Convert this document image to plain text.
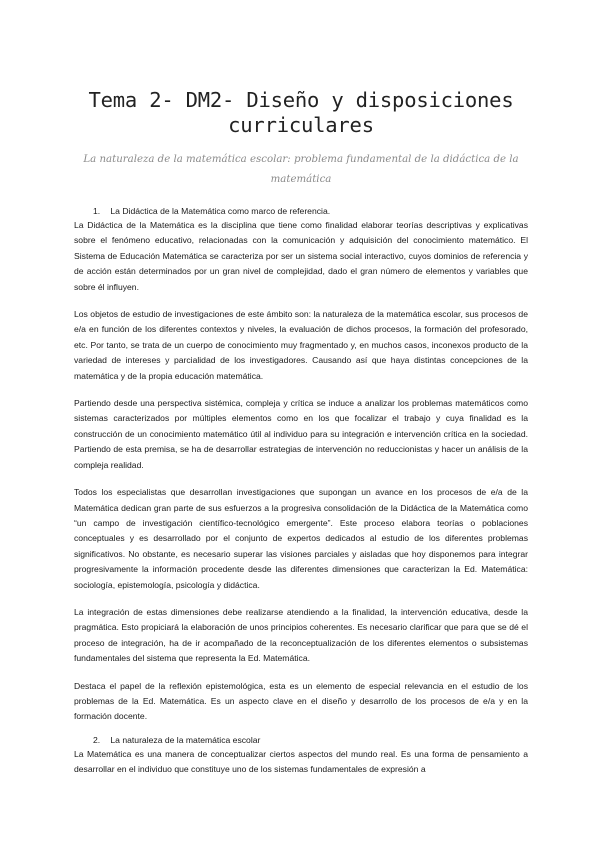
Tema 2- DM2- Diseño y disposiciones curriculares

La naturaleza de la matemática escolar: problema fundamental de la didáctica de la matemática

1. La Didáctica de la Matemática como marco de referencia.

La Didáctica de la Matemática es la disciplina que tiene como finalidad elaborar teorías descriptivas y explicativas sobre el fenómeno educativo, relacionadas con la comunicación y adquisición del conocimiento matemático. El Sistema de Educación Matemática se caracteriza por ser un sistema social interactivo, cuyos dominios de referencia y de acción están determinados por un gran nivel de complejidad, dado el gran número de elementos y variables que sobre él influyen.

Los objetos de estudio de investigaciones de este ámbito son: la naturaleza de la matemática escolar, sus procesos de e/a en función de los diferentes contextos y niveles, la evaluación de dichos procesos, la formación del profesorado, etc. Por tanto, se trata de un cuerpo de conocimiento muy fragmentado y, en muchos casos, inconexos producto de la variedad de intereses y parcialidad de los investigadores. Causando así que haya distintas concepciones de la matemática y de la propia educación matemática.

Partiendo desde una perspectiva sistémica, compleja y crítica se induce a analizar los problemas matemáticos como sistemas caracterizados por múltiples elementos como en los que focalizar el trabajo y cuya finalidad es la construcción de un conocimiento matemático útil al individuo para su integración e intervención crítica en la sociedad. Partiendo de esta premisa, se ha de desarrollar estrategias de intervención no reduccionistas y hacer un análisis de la compleja realidad.

Todos los especialistas que desarrollan investigaciones que supongan un avance en los procesos de e/a de la Matemática dedican gran parte de sus esfuerzos a la progresiva consolidación de la Didáctica de la Matemática como “un campo de investigación científico-tecnológico emergente”. Este proceso elabora teorías o poblaciones conceptuales y es desarrollado por el conjunto de expertos dedicados al estudio de los diferentes problemas significativos. No obstante, es necesario superar las visiones parciales y aisladas que hoy disponemos para integrar progresivamente la información procedente desde las diferentes dimensiones que caracterizan la Ed. Matemática: sociología, epistemología, psicología y didáctica.

La integración de estas dimensiones debe realizarse atendiendo a la finalidad, la intervención educativa, desde la pragmática. Esto propiciará la elaboración de unos principios coherentes. Es necesario clarificar que para que se dé el proceso de integración, ha de ir acompañado de la reconceptualización de los diferentes elementos o subsistemas fundamentales del sistema que representa la Ed. Matemática.

Destaca el papel de la reflexión epistemológica, esta es un elemento de especial relevancia en el estudio de los problemas de la Ed. Matemática. Es un aspecto clave en el diseño y desarrollo de los procesos de e/a y en la formación docente.

2. La naturaleza de la matemática escolar

La Matemática es una manera de conceptualizar ciertos aspectos del mundo real. Es una forma de pensamiento a desarrollar en el individuo que constituye uno de los sistemas fundamentales de expresión a
